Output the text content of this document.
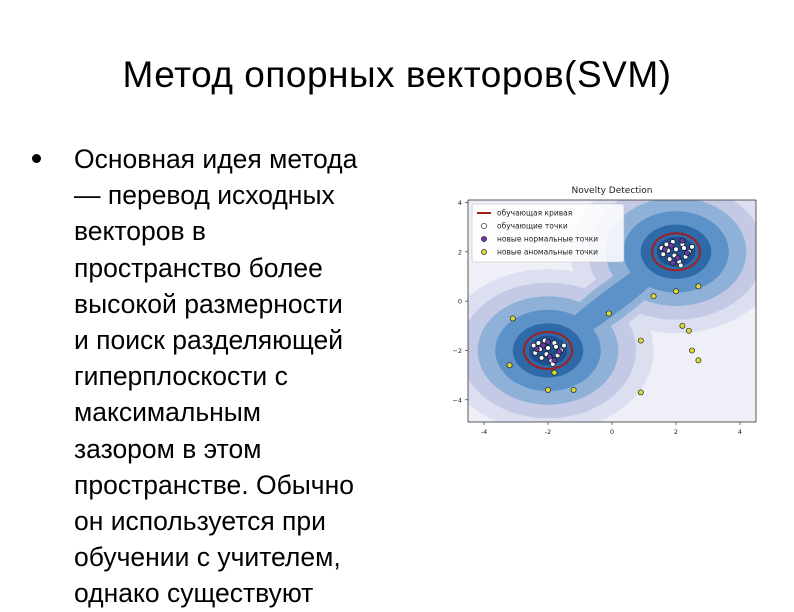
Метод опорных векторов(SVM)
Основная идея метода
— перевод исходных
векторов в
пространство более
высокой размерности
и поиск разделяющей
гиперплоскости с
максимальным
зазором в этом
пространстве. Обычно
он используется при
обучении с учителем,
однако существуют
Novelty Detection
-4	-2	0	2	4
4
2
0
−2
−4
обучающая кривая
обучающие точки
новые нормальные точки
новые аномальные точки
